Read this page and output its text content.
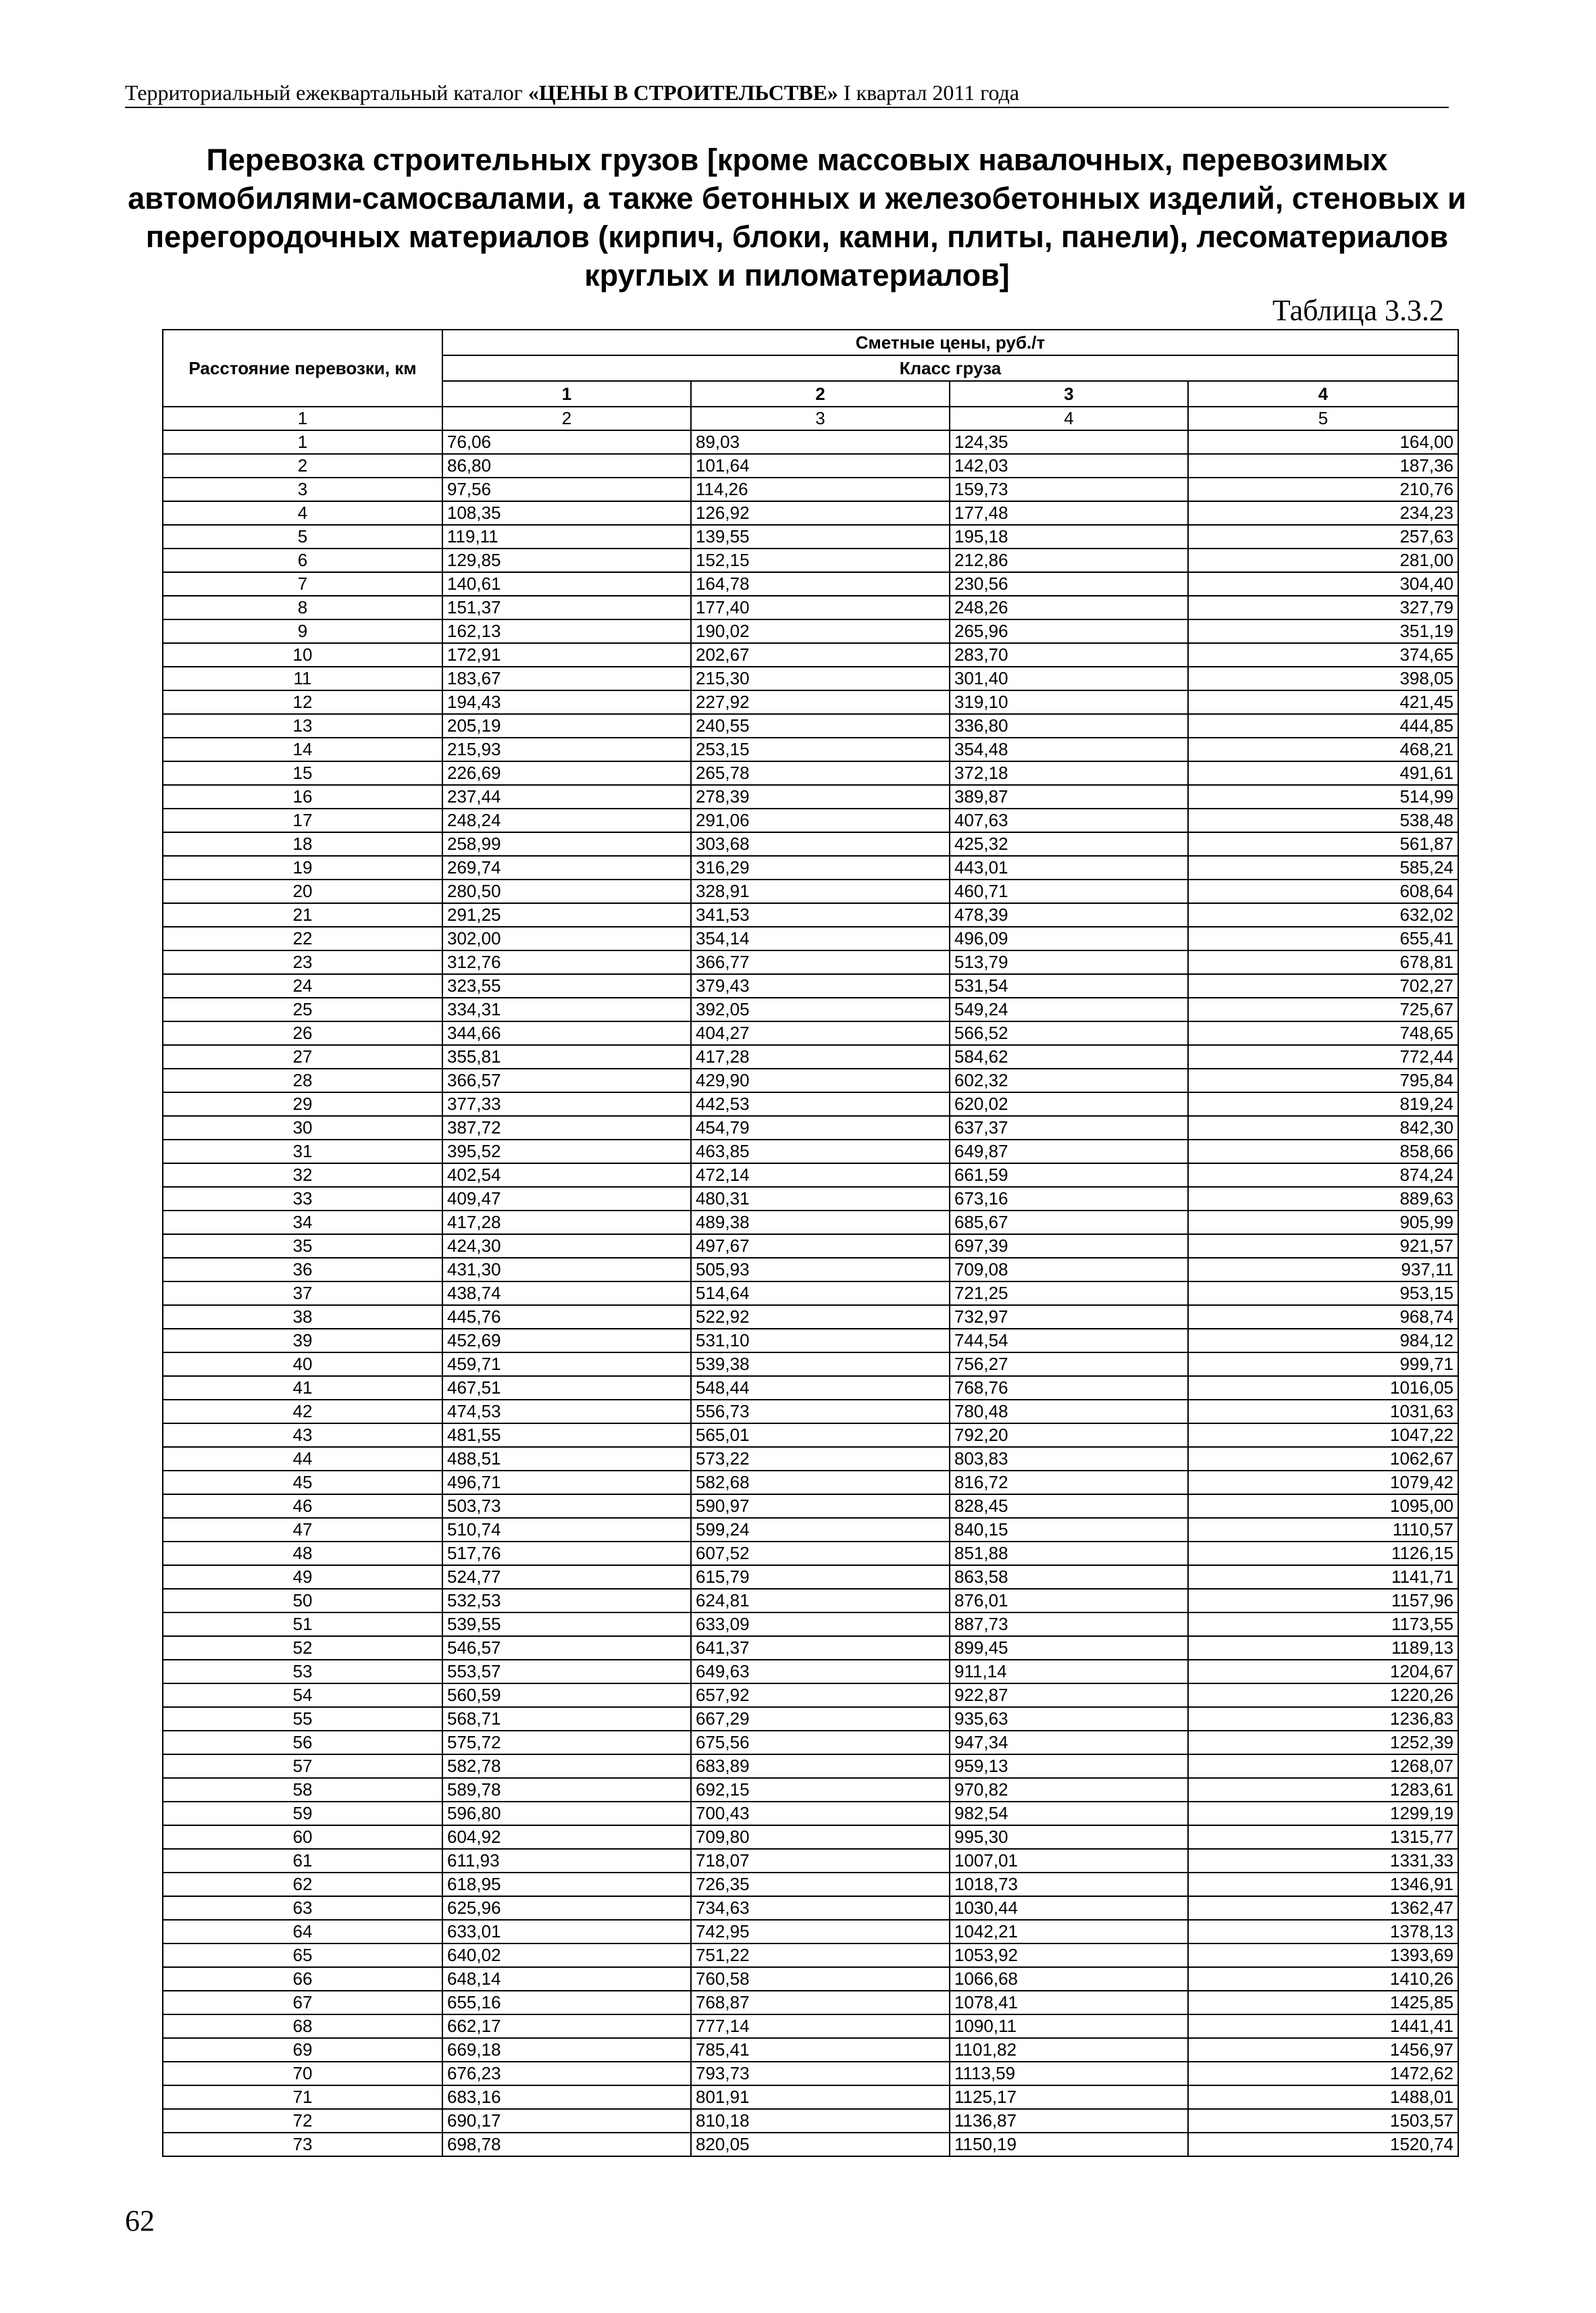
Территориальный ежеквартальный каталог «ЦЕНЫ В СТРОИТЕЛЬСТВЕ» I квартал 2011 года
Перевозка строительных грузов [кроме массовых навалочных, перевозимых автомобилями-самосвалами, а также бетонных и железобетонных изделий, стеновых и перегородочных материалов (кирпич, блоки, камни, плиты, панели), лесоматериалов круглых и пиломатериалов]
Таблица 3.3.2
Расстояние перевозки, км	Сметные цены, руб./т			
	Класс груза			
	1	2	3	4
1	2	3	4	5
1	76,06	89,03	124,35	164,00
2	86,80	101,64	142,03	187,36
3	97,56	114,26	159,73	210,76
4	108,35	126,92	177,48	234,23
5	119,11	139,55	195,18	257,63
6	129,85	152,15	212,86	281,00
7	140,61	164,78	230,56	304,40
8	151,37	177,40	248,26	327,79
9	162,13	190,02	265,96	351,19
10	172,91	202,67	283,70	374,65
11	183,67	215,30	301,40	398,05
12	194,43	227,92	319,10	421,45
13	205,19	240,55	336,80	444,85
14	215,93	253,15	354,48	468,21
15	226,69	265,78	372,18	491,61
16	237,44	278,39	389,87	514,99
17	248,24	291,06	407,63	538,48
18	258,99	303,68	425,32	561,87
19	269,74	316,29	443,01	585,24
20	280,50	328,91	460,71	608,64
21	291,25	341,53	478,39	632,02
22	302,00	354,14	496,09	655,41
23	312,76	366,77	513,79	678,81
24	323,55	379,43	531,54	702,27
25	334,31	392,05	549,24	725,67
26	344,66	404,27	566,52	748,65
27	355,81	417,28	584,62	772,44
28	366,57	429,90	602,32	795,84
29	377,33	442,53	620,02	819,24
30	387,72	454,79	637,37	842,30
31	395,52	463,85	649,87	858,66
32	402,54	472,14	661,59	874,24
33	409,47	480,31	673,16	889,63
34	417,28	489,38	685,67	905,99
35	424,30	497,67	697,39	921,57
36	431,30	505,93	709,08	937,11
37	438,74	514,64	721,25	953,15
38	445,76	522,92	732,97	968,74
39	452,69	531,10	744,54	984,12
40	459,71	539,38	756,27	999,71
41	467,51	548,44	768,76	1016,05
42	474,53	556,73	780,48	1031,63
43	481,55	565,01	792,20	1047,22
44	488,51	573,22	803,83	1062,67
45	496,71	582,68	816,72	1079,42
46	503,73	590,97	828,45	1095,00
47	510,74	599,24	840,15	1110,57
48	517,76	607,52	851,88	1126,15
49	524,77	615,79	863,58	1141,71
50	532,53	624,81	876,01	1157,96
51	539,55	633,09	887,73	1173,55
52	546,57	641,37	899,45	1189,13
53	553,57	649,63	911,14	1204,67
54	560,59	657,92	922,87	1220,26
55	568,71	667,29	935,63	1236,83
56	575,72	675,56	947,34	1252,39
57	582,78	683,89	959,13	1268,07
58	589,78	692,15	970,82	1283,61
59	596,80	700,43	982,54	1299,19
60	604,92	709,80	995,30	1315,77
61	611,93	718,07	1007,01	1331,33
62	618,95	726,35	1018,73	1346,91
63	625,96	734,63	1030,44	1362,47
64	633,01	742,95	1042,21	1378,13
65	640,02	751,22	1053,92	1393,69
66	648,14	760,58	1066,68	1410,26
67	655,16	768,87	1078,41	1425,85
68	662,17	777,14	1090,11	1441,41
69	669,18	785,41	1101,82	1456,97
70	676,23	793,73	1113,59	1472,62
71	683,16	801,91	1125,17	1488,01
72	690,17	810,18	1136,87	1503,57
73	698,78	820,05	1150,19	1520,74
62
